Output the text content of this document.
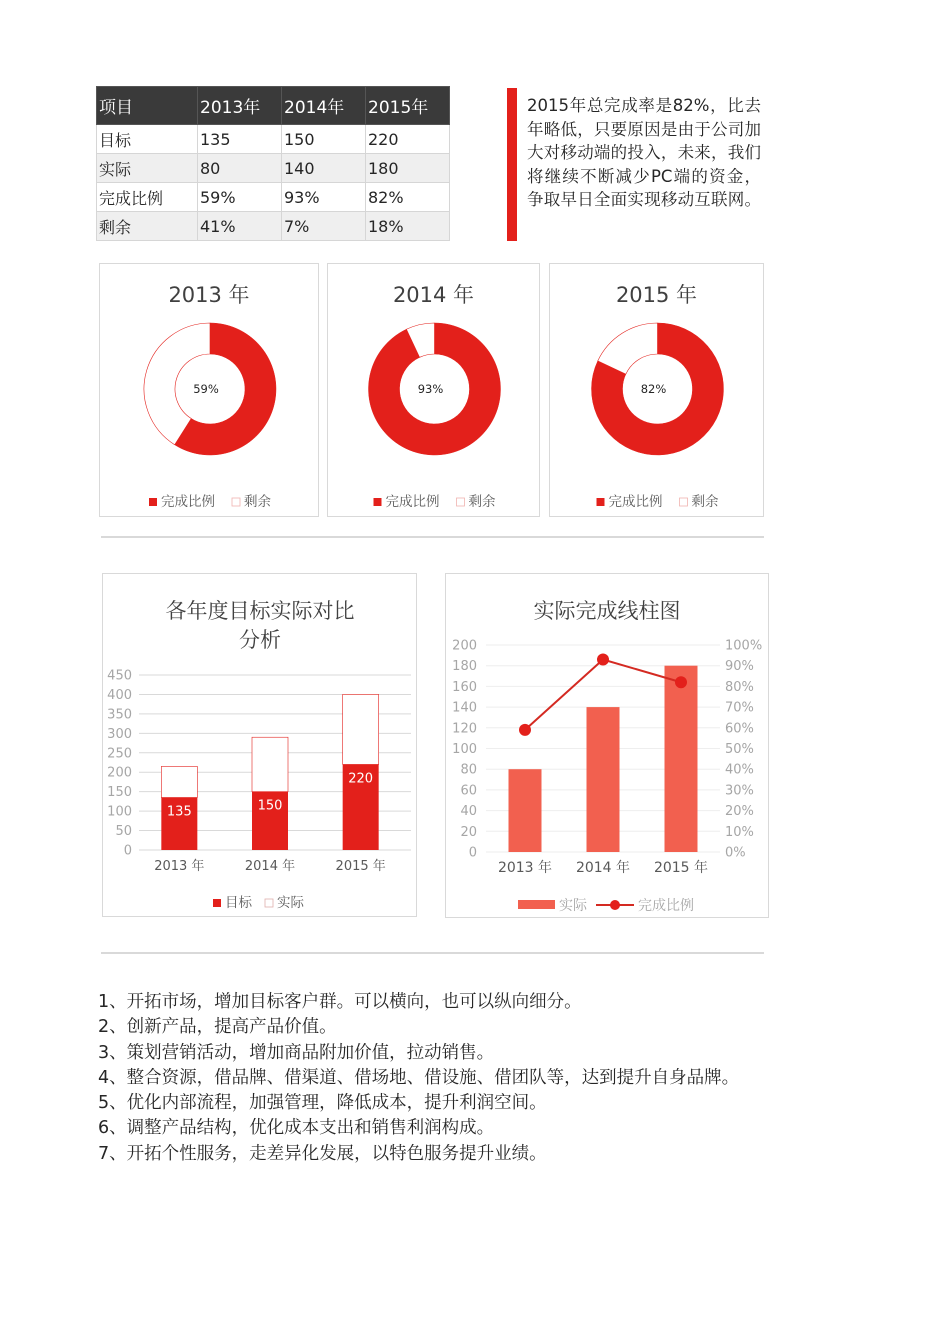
项目	2013年	2014年	2015年
目标	135	150	220
实际	80	140	180
完成比例	59%	93%	82%
剩余	41%	7%	18%
2015年总完成率是82%，比去年略低，只要原因是由于公司加大对移动端的投入，未来，我们将继续不断减少PC端的资金，争取早日全面实现移动互联网。
2013 年
59%
完成比例 剩余
2014 年
93%
完成比例 剩余
2015 年
82%
完成比例 剩余
各年度目标实际对比
分析
0
50
100
150
200
250
300
350
400
450
135
2013 年
150
2014 年
220
2015 年
目标 实际
实际完成线柱图
0
20
40
60
80
100
120
140
160
180
200
0%
10%
20%
30%
40%
50%
60%
70%
80%
90%
100%
2013 年 2014 年 2015 年
实际	完成比例
1、开拓市场，增加目标客户群。可以横向，也可以纵向细分。
2、创新产品，提高产品价值。
3、策划营销活动，增加商品附加价值，拉动销售。
4、整合资源，借品牌、借渠道、借场地、借设施、借团队等，达到提升自身品牌。
5、优化内部流程，加强管理，降低成本，提升利润空间。
6、调整产品结构，优化成本支出和销售利润构成。
7、开拓个性服务，走差异化发展，以特色服务提升业绩。
